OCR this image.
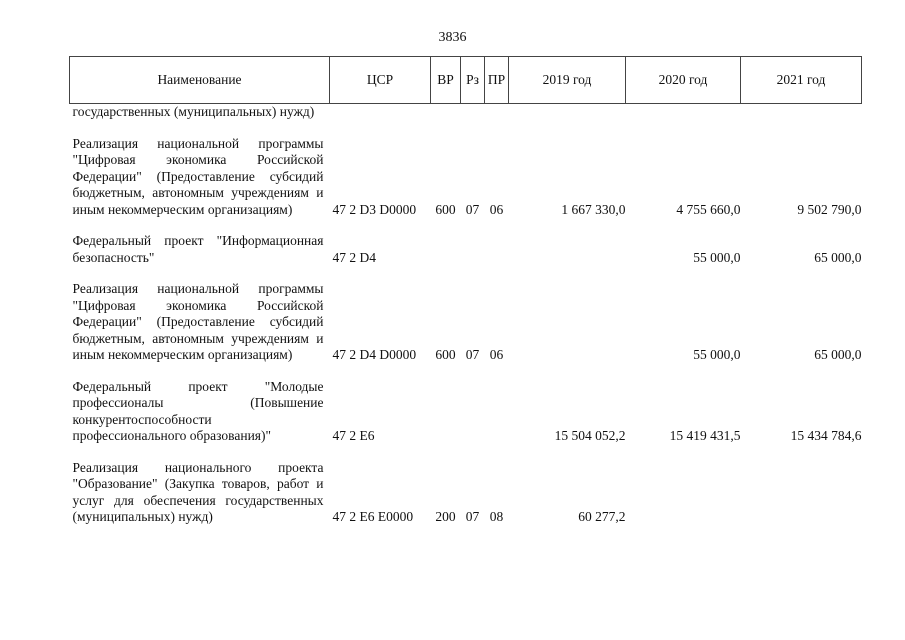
3836
Наименование	ЦСР	ВР	Рз	ПР	2019 год	2020 год	2021 год
государственных (муниципальных) нужд)							

Реализация национальной программы "Цифровая экономика Российской Федерации" (Предоставление субсидий бюджетным, автономным учреждениям и иным некоммерческим организациям)	47 2 D3 D0000	600	07	06	1 667 330,0	4 755 660,0	9 502 790,0

Федеральный проект "Информационная безопасность"	47 2 D4					55 000,0	65 000,0

Реализация национальной программы "Цифровая экономика Российской Федерации" (Предоставление субсидий бюджетным, автономным учреждениям и иным некоммерческим организациям)	47 2 D4 D0000	600	07	06		55 000,0	65 000,0

Федеральный проект "Молодые профессионалы (Повышение конкурентоспособности профессионального образования)"	47 2 E6				15 504 052,2	15 419 431,5	15 434 784,6

Реализация национального проекта "Образование" (Закупка товаров, работ и услуг для обеспечения государственных (муниципальных) нужд)	47 2 E6 E0000	200	07	08	60 277,2		
